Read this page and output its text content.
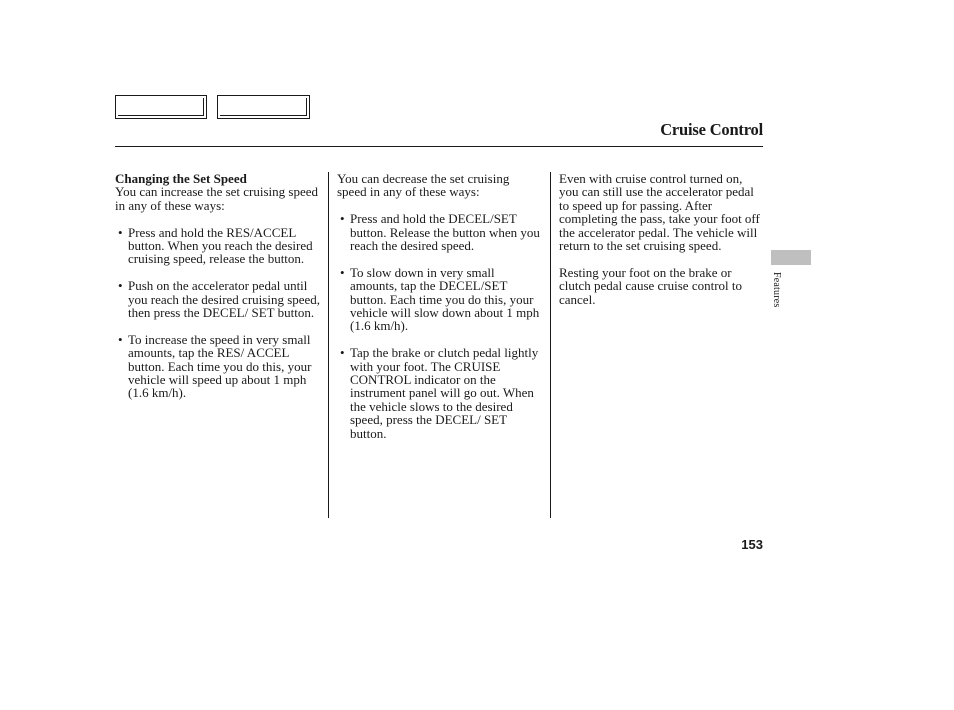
Cruise Control
Changing the Set Speed

You can increase the set cruising speed in any of these ways:

• Press and hold the RES/ACCEL button. When you reach the desired cruising speed, release the button.
• Push on the accelerator pedal until you reach the desired cruising speed, then press the DECEL/ SET button.
• To increase the speed in very small amounts, tap the RES/ ACCEL button. Each time you do this, your vehicle will speed up about 1 mph (1.6 km/h).

You can decrease the set cruising speed in any of these ways:

• Press and hold the DECEL/SET button. Release the button when you reach the desired speed.
• To slow down in very small amounts, tap the DECEL/SET button. Each time you do this, your vehicle will slow down about 1 mph (1.6 km/h).
• Tap the brake or clutch pedal lightly with your foot. The CRUISE CONTROL indicator on the instrument panel will go out. When the vehicle slows to the desired speed, press the DECEL/ SET button.

Even with cruise control turned on, you can still use the accelerator pedal to speed up for passing. After completing the pass, take your foot off the accelerator pedal. The vehicle will return to the set cruising speed.

Resting your foot on the brake or clutch pedal cause cruise control to cancel.	Features
153
